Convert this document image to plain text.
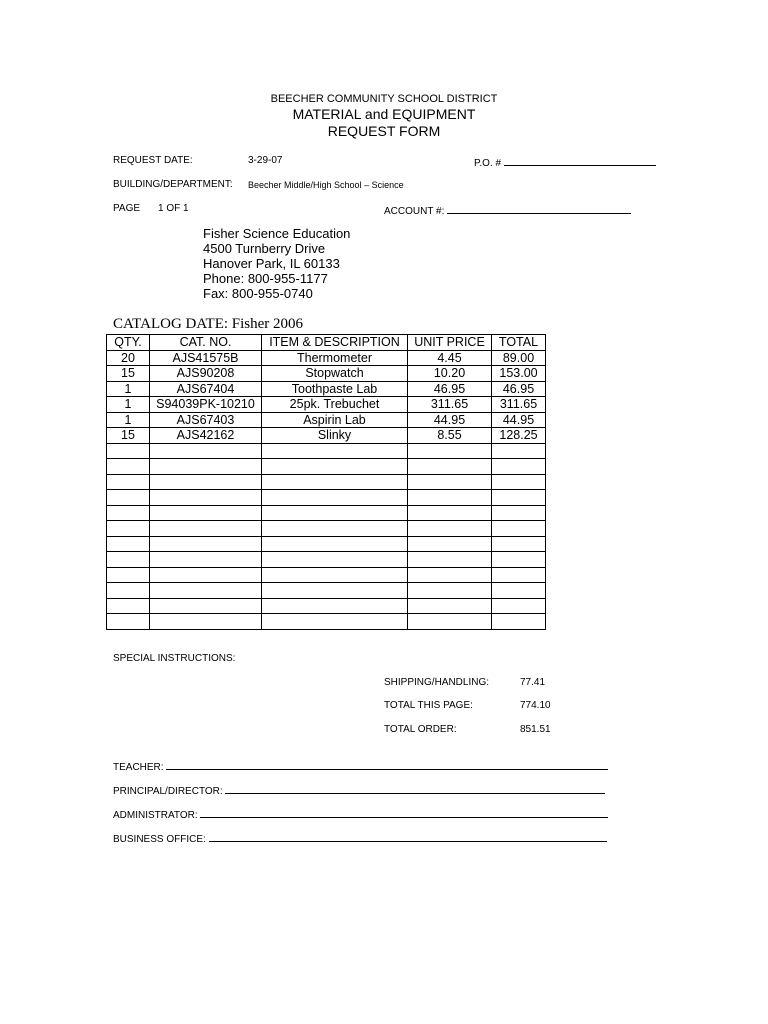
BEECHER COMMUNITY SCHOOL DISTRICT
MATERIAL and EQUIPMENT
REQUEST FORM
REQUEST DATE:	3-29-07	P.O. #
BUILDING/DEPARTMENT: Beecher Middle/High School – Science
PAGE 1 OF 1	ACCOUNT #:
Fisher Science Education
4500 Turnberry Drive
Hanover Park, IL 60133
Phone: 800-955-1177
Fax: 800-955-0740
CATALOG DATE: Fisher 2006
QTY.	CAT. NO.	ITEM & DESCRIPTION	UNIT PRICE	TOTAL
20	AJS41575B	Thermometer	4.45	89.00
15	AJS90208	Stopwatch	10.20	153.00
1	AJS67404	Toothpaste Lab	46.95	46.95
1	S94039PK-10210	25pk. Trebuchet	311.65	311.65
1	AJS67403	Aspirin Lab	44.95	44.95
15	AJS42162	Slinky	8.55	128.25

SPECIAL INSTRUCTIONS:
SHIPPING/HANDLING:	77.41
TOTAL THIS PAGE:	774.10
TOTAL ORDER:	851.51
TEACHER:
PRINCIPAL/DIRECTOR:
ADMINISTRATOR:
BUSINESS OFFICE:
